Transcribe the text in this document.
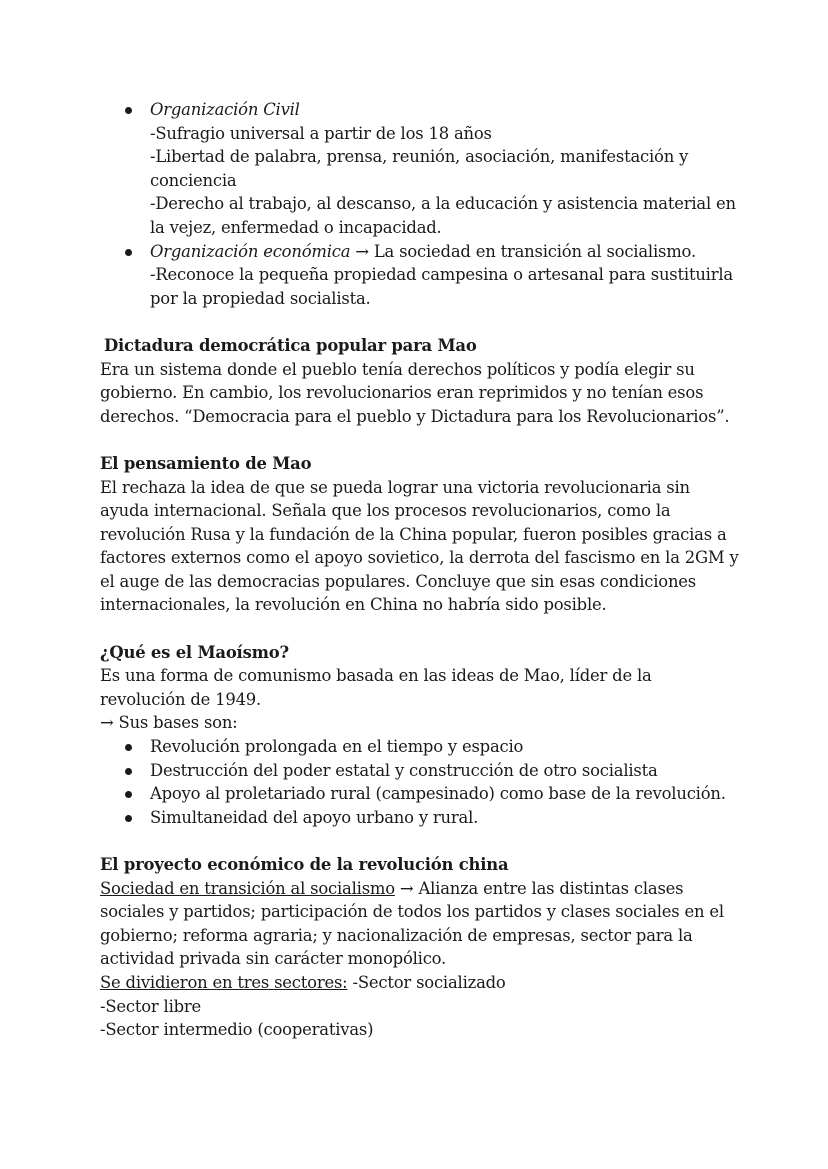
Organización Civil
-Sufragio universal a partir de los 18 años
-Libertad de palabra, prensa, reunión, asociación, manifestación y conciencia
-Derecho al trabajo, al descanso, a la educación y asistencia material en la vejez, enfermedad o incapacidad.
Organización económica → La sociedad en transición al socialismo.
-Reconoce la pequeña propiedad campesina o artesanal para sustituirla por la propiedad socialista.
Dictadura democrática popular para Mao

Era un sistema donde el pueblo tenía derechos políticos y podía elegir su gobierno. En cambio, los revolucionarios eran reprimidos y no tenían esos derechos. “Democracia para el pueblo y Dictadura para los Revolucionarios”.

El pensamiento de Mao

El rechaza la idea de que se pueda lograr una victoria revolucionaria sin ayuda internacional. Señala que los procesos revolucionarios, como la revolución Rusa y la fundación de la China popular, fueron posibles gracias a factores externos como el apoyo sovietico, la derrota del fascismo en la 2GM y el auge de las democracias populares. Concluye que sin esas condiciones internacionales, la revolución en China no habría sido posible.

¿Qué es el Maoísmo?

Es una forma de comunismo basada en las ideas de Mao, líder de la revolución de 1949.

→ Sus bases son:
Revolución prolongada en el tiempo y espacio
Destrucción del poder estatal y construcción de otro socialista
Apoyo al proletariado rural (campesinado) como base de la revolución.
Simultaneidad del apoyo urbano y rural.
El proyecto económico de la revolución china

Sociedad en transición al socialismo → Alianza entre las distintas clases sociales y partidos; participación de todos los partidos y clases sociales en el gobierno; reforma agraria; y nacionalización de empresas, sector para la actividad privada sin carácter monopólico.

Se dividieron en tres sectores: -Sector socializado
-Sector libre
-Sector intermedio (cooperativas)
